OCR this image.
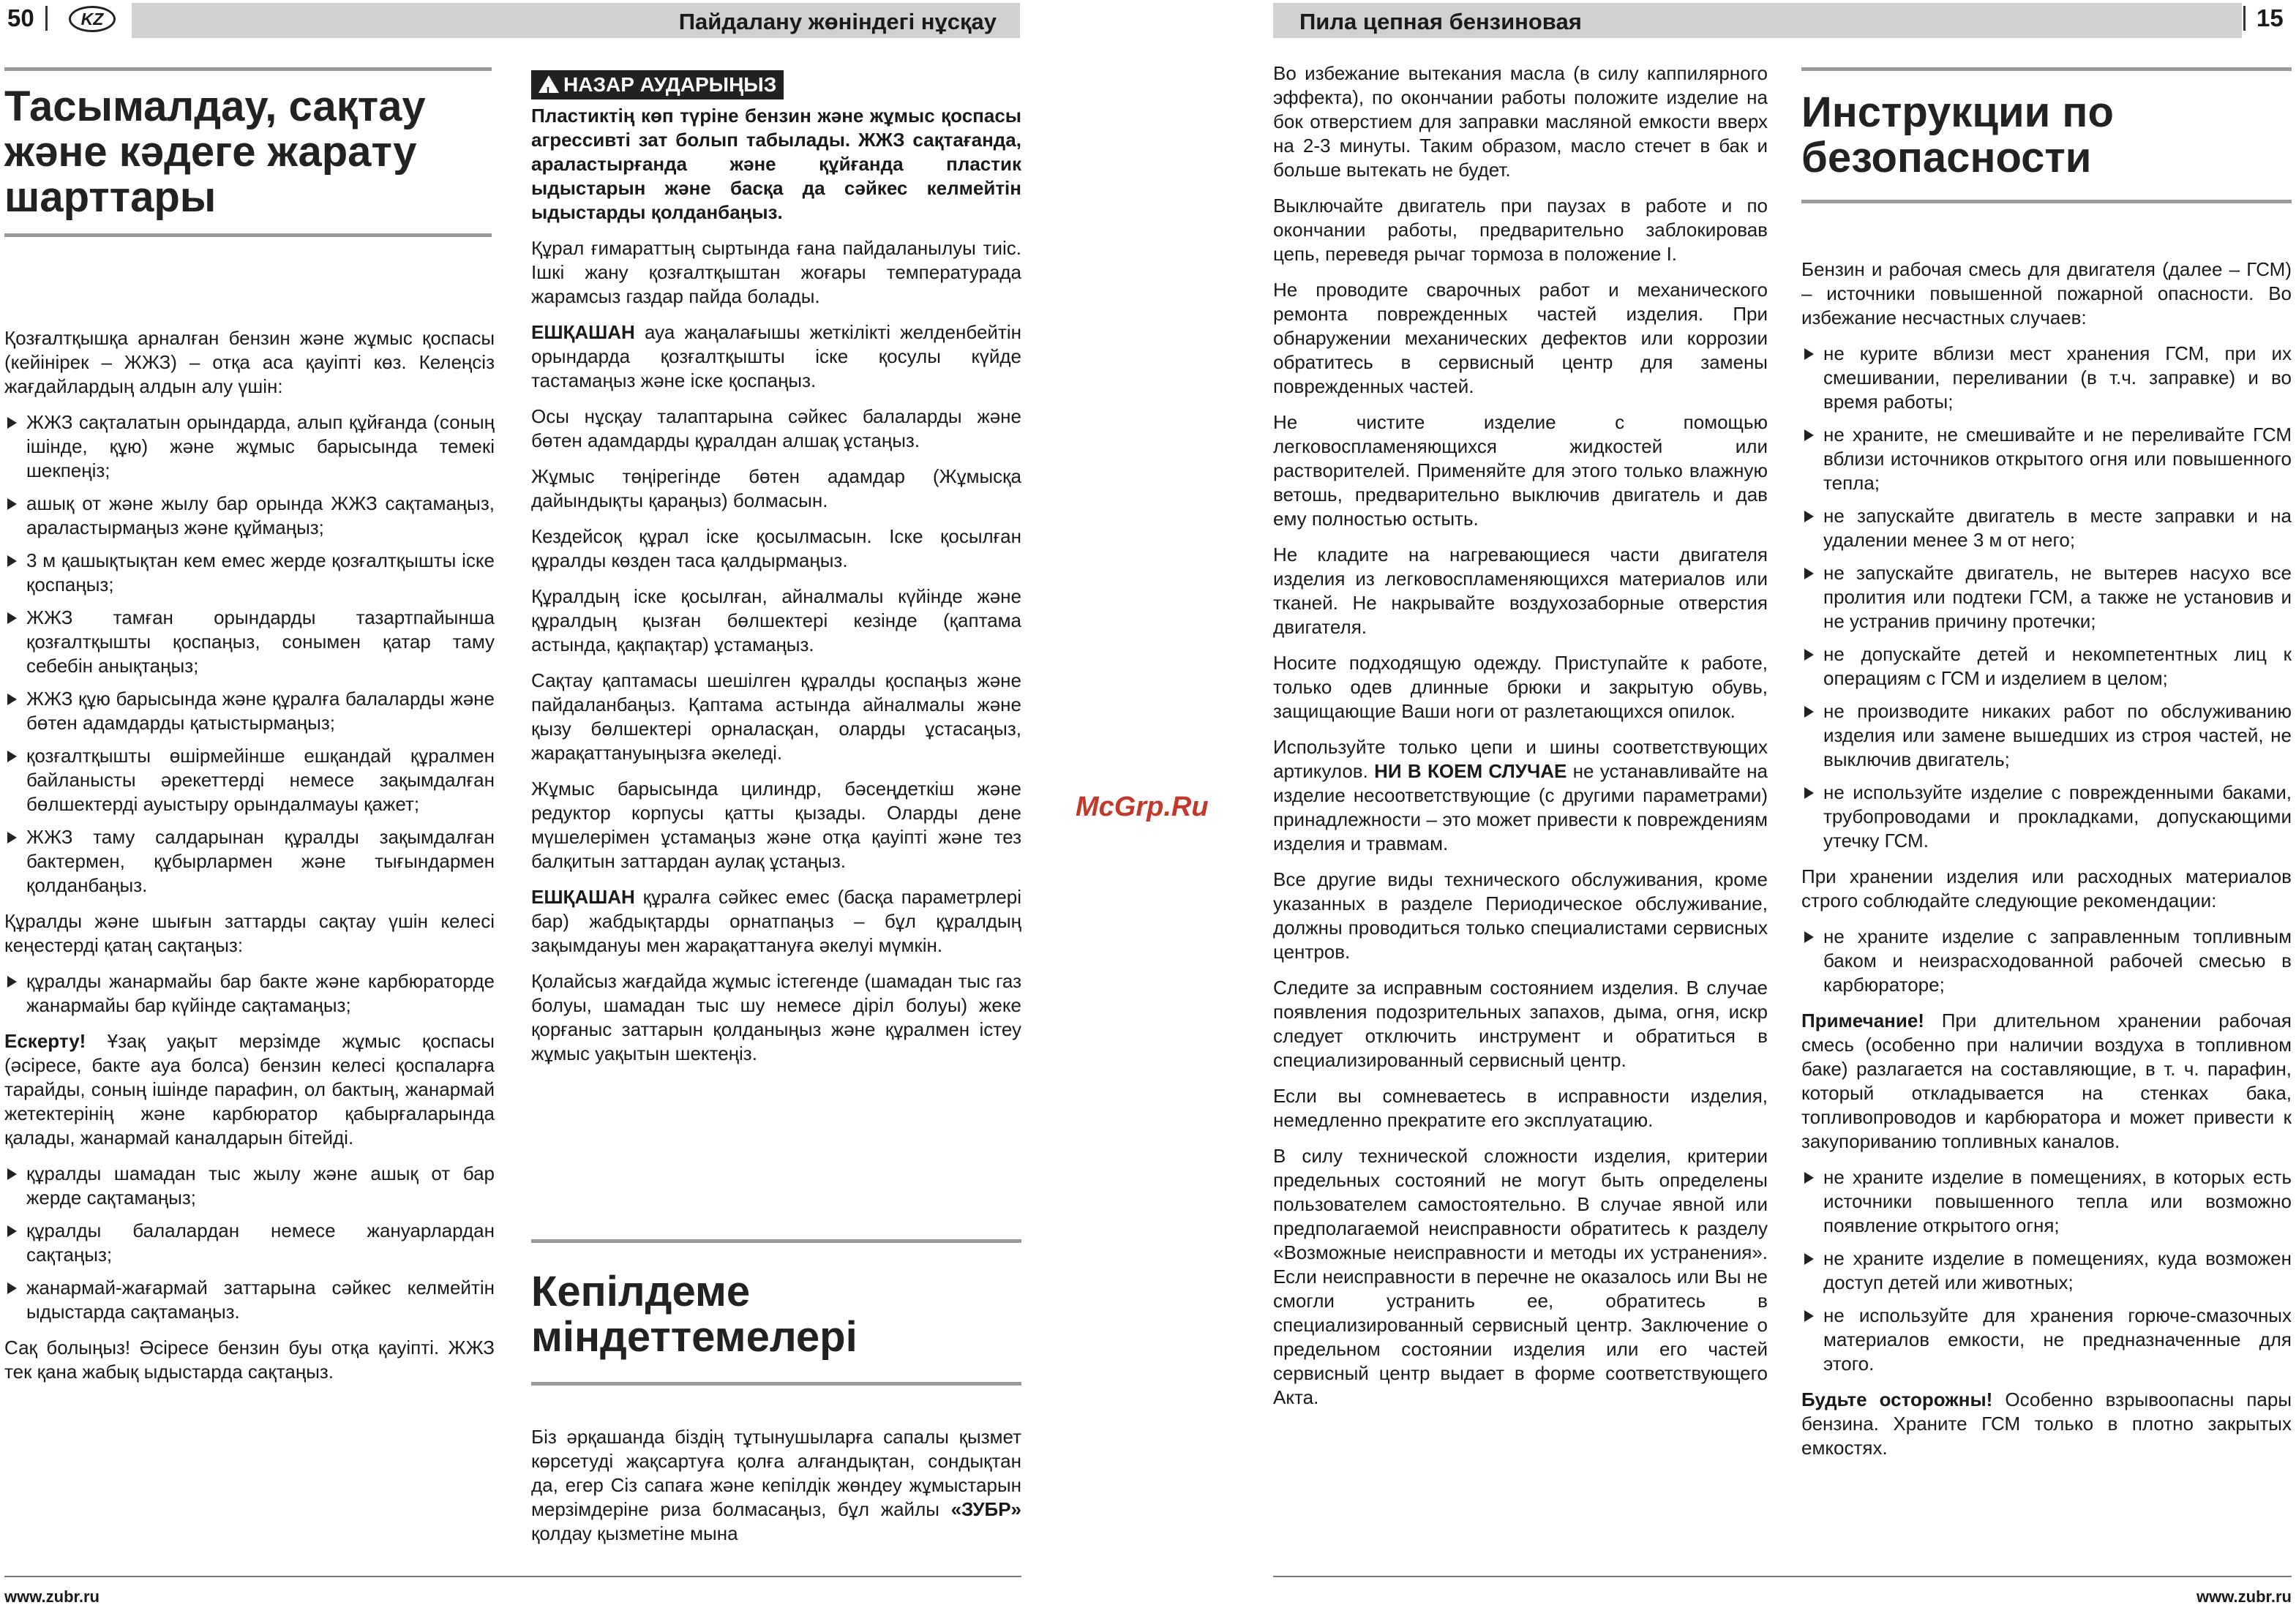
50	KZ	Пайдалану жөніндегі нұсқау	Пила цепная бензиновая	15
Тасымалдау, сақтау және кәдеге жарату шарттары

Қозғалтқышқа арналған бензин және жұмыс қоспасы (кейінірек – ЖЖЗ) – отқа аса қауіпті көз. Келеңсіз жағдайлардың алдын алу үшін:

ЖЖЗ сақталатын орындарда, алып құйғанда (соның ішінде, құю) және жұмыс барысында темекі шекпеңіз;
ашық от және жылу бар орында ЖЖЗ сақтамаңыз, араластырмаңыз және құймаңыз;
3 м қашықтықтан кем емес жерде қозғалтқышты іске қоспаңыз;
ЖЖЗ тамған орындарды тазартпайынша қозғалтқышты қоспаңыз, сонымен қатар таму себебін анықтаңыз;
ЖЖЗ құю барысында және құралға балаларды және бөтен адамдарды қатыстырмаңыз;
қозғалтқышты өшірмейінше ешқандай құралмен байланысты әрекеттерді немесе зақымдалған бөлшектерді ауыстыру орындалмауы қажет;
ЖЖЗ таму салдарынан құралды зақымдалған бактермен, құбырлармен және тығындармен қолданбаңыз.

Құралды және шығын заттарды сақтау үшін келесі кеңестерді қатаң сақтаңыз:

құралды жанармайы бар бакте және карбюраторде жанармайы бар күйінде сақтамаңыз;

Ескерту! Ұзақ уақыт мерзімде жұмыс қоспасы (әсіресе, бакте ауа болса) бензин келесі қоспаларға тарайды, соның ішінде парафин, ол бактың, жанармай жетектерінің және карбюратор қабырғаларында қалады, жанармай каналдарын бітейді.

құралды шамадан тыс жылу және ашық от бар жерде сақтамаңыз;
құралды балалардан немесе жануарлардан сақтаңыз;
жанармай-жағармай заттарына сәйкес келмейтін ыдыстарда сақтамаңыз.

Сақ болыңыз! Әсіресе бензин буы отқа қауіпті. ЖЖЗ тек қана жабық ыдыстарда сақтаңыз.

! НАЗАР АУДАРЫҢЫЗ

Пластиктің көп түріне бензин және жұмыс қоспасы агрессивті зат болып табылады. ЖЖЗ сақтағанда, араластырғанда және құйғанда пластик ыдыстарын және басқа да сәйкес келмейтін ыдыстарды қолданбаңыз.

Құрал ғимараттың сыртында ғана пайдаланылуы тиіс. Ішкі жану қозғалтқыштан жоғары температурада жарамсыз газдар пайда болады.

ЕШҚАШАН ауа жаңалағышы жеткілікті желденбейтін орындарда қозғалтқышты іске қосулы күйде тастамаңыз және іске қоспаңыз.

Осы нұсқау талаптарына сәйкес балаларды және бөтен адамдарды құралдан алшақ ұстаңыз.

Жұмыс төңірегінде бөтен адамдар (Жұмысқа дайындықты қараңыз) болмасын.

Кездейсоқ құрал іске қосылмасын. Іске қосылған құралды көзден таса қалдырмаңыз.

Құралдың іске қосылған, айналмалы күйінде және құралдың қызған бөлшектері кезінде (қаптама астында, қақпақтар) ұстамаңыз.

Сақтау қаптамасы шешілген құралды қоспаңыз және пайдаланбаңыз. Қаптама астында айналмалы және қызу бөлшектері орналасқан, оларды ұстасаңыз, жарақаттануыңызға әкеледі.

Жұмыс барысында цилиндр, бәсеңдеткіш және редуктор корпусы қатты қызады. Оларды дене мүшелерімен ұстамаңыз және отқа қауіпті және тез балқитын заттардан аулақ ұстаңыз.

ЕШҚАШАН құралға сәйкес емес (басқа параметрлері бар) жабдықтарды орнатпаңыз – бұл құралдың зақымдануы мен жарақаттануға әкелуі мүмкін.

Қолайсыз жағдайда жұмыс істегенде (шамадан тыс газ болуы, шамадан тыс шу немесе діріл болуы) жеке қорғаныс заттарын қолданыңыз және құралмен істеу жұмыс уақытын шектеңіз.

Кепілдеме міндеттемелері

Біз әрқашанда біздің тұтынушыларға сапалы қызмет көрсетуді жақсартуға қолға алғандықтан, сондықтан да, егер Сіз сапаға және кепілдік жөндеу жұмыстарын мерзімдеріне риза болмасаңыз, бұл жайлы «ЗУБР» қолдау қызметіне мына

McGrp.Ru

Во избежание вытекания масла (в силу каппилярного эффекта), по окончании работы положите изделие на бок отверстием для заправки масляной емкости вверх на 2-3 минуты. Таким образом, масло стечет в бак и больше вытекать не будет.

Выключайте двигатель при паузах в работе и по окончании работы, предварительно заблокировав цепь, переведя рычаг тормоза в положение I.

Не проводите сварочных работ и механического ремонта поврежденных частей изделия. При обнаружении механических дефектов или коррозии обратитесь в сервисный центр для замены поврежденных частей.

Не чистите изделие с помощью легковоспламеняющихся жидкостей или растворителей. Применяйте для этого только влажную ветошь, предварительно выключив двигатель и дав ему полностью остыть.

Не кладите на нагревающиеся части двигателя изделия из легковоспламеняющихся материалов или тканей. Не накрывайте воздухозаборные отверстия двигателя.

Носите подходящую одежду. Приступайте к работе, только одев длинные брюки и закрытую обувь, защищающие Ваши ноги от разлетающихся опилок.

Используйте только цепи и шины соответствующих артикулов. НИ В КОЕМ СЛУЧАЕ не устанавливайте на изделие несоответствующие (с другими параметрами) принадлежности – это может привести к повреждениям изделия и травмам.

Все другие виды технического обслуживания, кроме указанных в разделе Периодическое обслуживание, должны проводиться только специалистами сервисных центров.

Следите за исправным состоянием изделия. В случае появления подозрительных запахов, дыма, огня, искр следует отключить инструмент и обратиться в специализированный сервисный центр.

Если вы сомневаетесь в исправности изделия, немедленно прекратите его эксплуатацию.

В силу технической сложности изделия, критерии предельных состояний не могут быть определены пользователем самостоятельно. В случае явной или предполагаемой неисправности обратитесь к разделу «Возможные неисправности и методы их устранения». Если неисправности в перечне не оказалось или Вы не смогли устранить ее, обратитесь в специализированный сервисный центр. Заключение о предельном состоянии изделия или его частей сервисный центр выдает в форме соответствующего Акта.

Инструкции по безопасности

Бензин и рабочая смесь для двигателя (далее – ГСМ) – источники повышенной пожарной опасности. Во избежание несчастных случаев:

не курите вблизи мест хранения ГСМ, при их смешивании, переливании (в т.ч. заправке) и во время работы;
не храните, не смешивайте и не переливайте ГСМ вблизи источников открытого огня или повышенного тепла;
не запускайте двигатель в месте заправки и на удалении менее 3 м от него;
не запускайте двигатель, не вытерев насухо все пролития или подтеки ГСМ, а также не установив и не устранив причину протечки;
не допускайте детей и некомпетентных лиц к операциям с ГСМ и изделием в целом;
не производите никаких работ по обслуживанию изделия или замене вышедших из строя частей, не выключив двигатель;
не используйте изделие с поврежденными баками, трубопроводами и прокладками, допускающими утечку ГСМ.

При хранении изделия или расходных материалов строго соблюдайте следующие рекомендации:

не храните изделие с заправленным топливным баком и неизрасходованной рабочей смесью в карбюраторе;

Примечание! При длительном хранении рабочая смесь (особенно при наличии воздуха в топливном баке) разлагается на составляющие, в т. ч. парафин, который откладывается на стенках бака, топливопроводов и карбюратора и может привести к закупориванию топливных каналов.

не храните изделие в помещениях, в которых есть источники повышенного тепла или возможно появление открытого огня;
не храните изделие в помещениях, куда возможен доступ детей или животных;
не используйте для хранения горюче-смазочных материалов емкости, не предназначенные для этого.

Будьте осторожны! Особенно взрывоопасны пары бензина. Храните ГСМ только в плотно закрытых емкостях.

www.zubr.ru	www.zubr.ru
